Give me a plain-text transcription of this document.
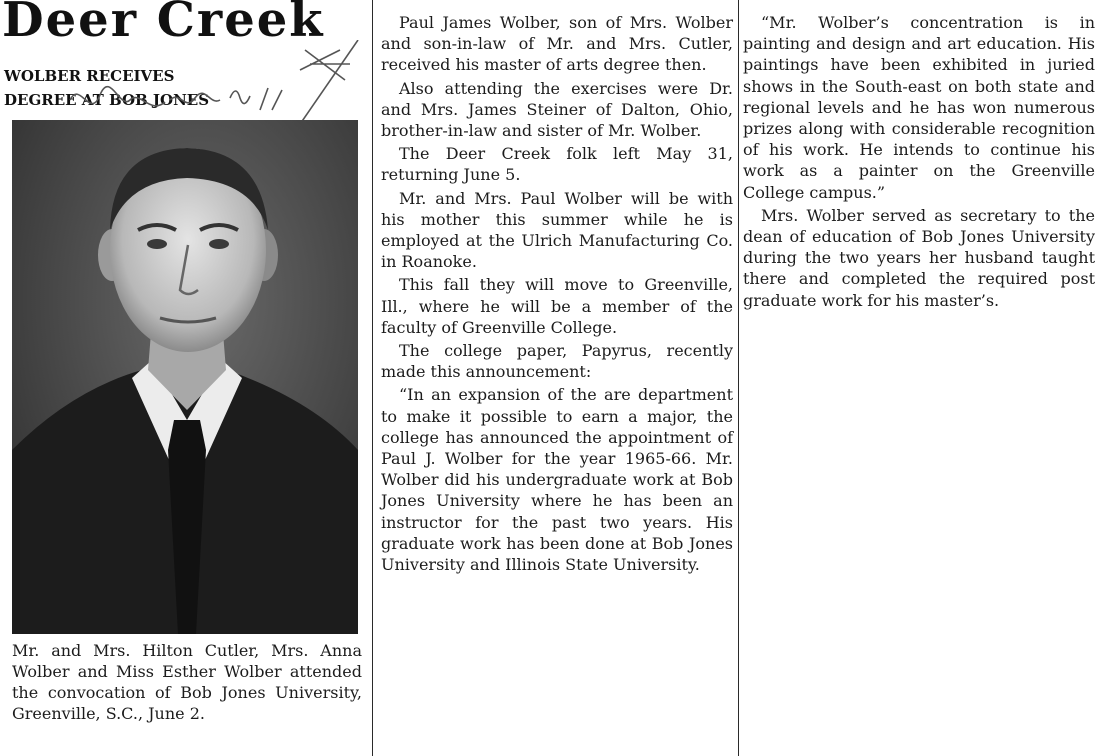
Deer Creek
WOLBER RECEIVES
DEGREE AT BOB JONES
Mr. and Mrs. Hilton Cutler, Mrs. Anna Wolber and Miss Esther Wolber attended the convocation of Bob Jones University, Greenville, S.C., June 2.

Paul James Wolber, son of Mrs. Wolber and son-in-law of Mr. and Mrs. Cutler, received his master of arts degree then.

Also attending the exercises were Dr. and Mrs. James Steiner of Dalton, Ohio, brother-in-law and sister of Mr. Wolber.

The Deer Creek folk left May 31, returning June 5.

Mr. and Mrs. Paul Wolber will be with his mother this summer while he is employed at the Ulrich Manufacturing Co. in Roanoke.

This fall they will move to Greenville, Ill., where he will be a member of the faculty of Greenville College.

The college paper, Papyrus, recently made this announcement:

“In an expansion of the are department to make it possible to earn a major, the college has announced the appointment of Paul J. Wolber for the year 1965-66. Mr. Wolber did his undergraduate work at Bob Jones University where he has been an instructor for the past two years. His graduate work has been done at Bob Jones University and Illinois State University.

“Mr. Wolber’s concentration is in painting and design and art education. His paintings have been exhibited in juried shows in the South-east on both state and regional levels and he has won numerous prizes along with considerable recognition of his work. He intends to continue his work as a painter on the Greenville College campus.”

Mrs. Wolber served as secretary to the dean of education of Bob Jones University during the two years her husband taught there and completed the required post graduate work for his master’s.
